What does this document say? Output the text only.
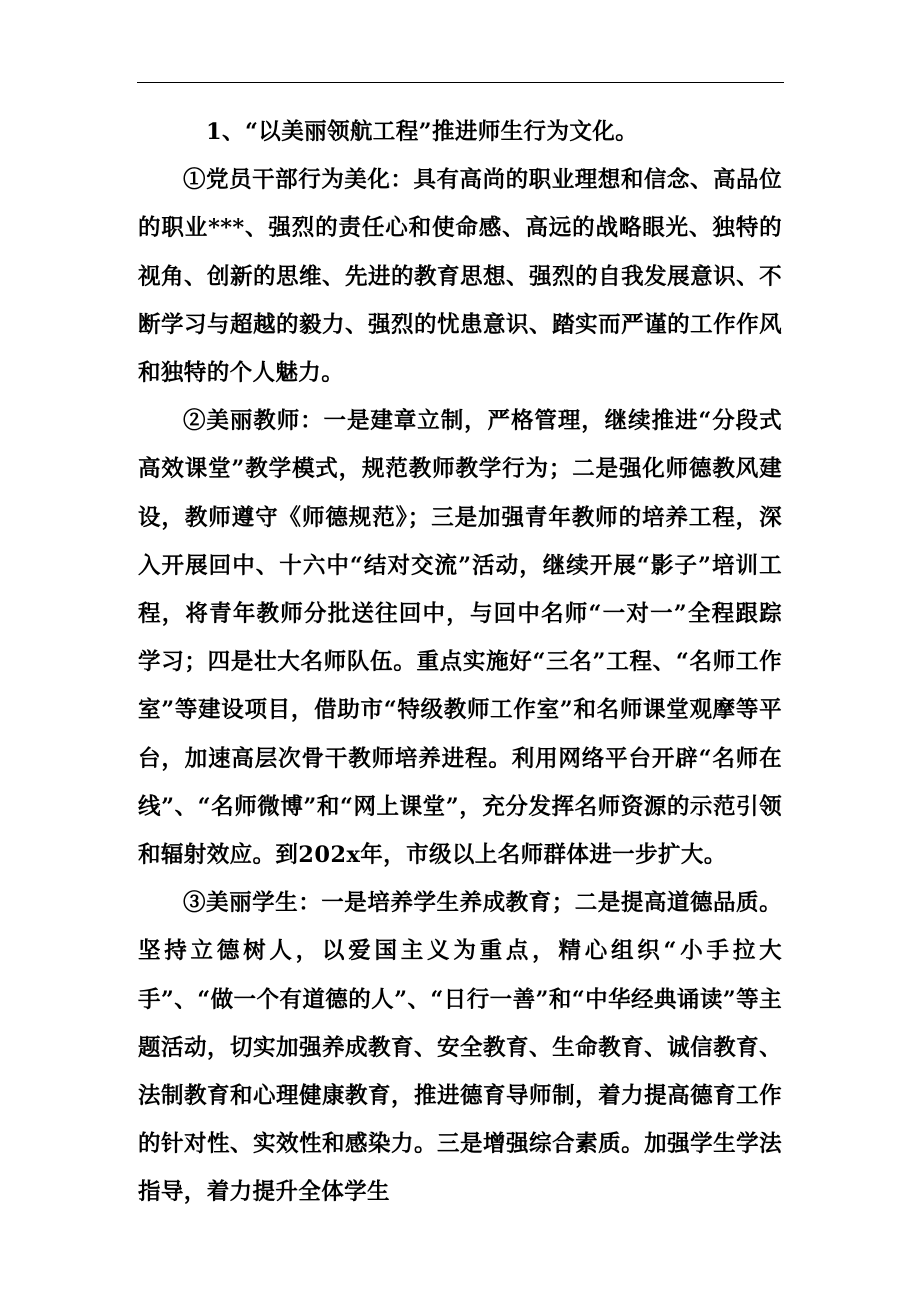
1、“以美丽领航工程”推进师生行为文化。

①党员干部行为美化：具有高尚的职业理想和信念、高品位的职业***、强烈的责任心和使命感、高远的战略眼光、独特的视角、创新的思维、先进的教育思想、强烈的自我发展意识、不断学习与超越的毅力、强烈的忧患意识、踏实而严谨的工作作风和独特的个人魅力。

②美丽教师：一是建章立制，严格管理，继续推进“分段式高效课堂”教学模式，规范教师教学行为；二是强化师德教风建设，教师遵守《师德规范》；三是加强青年教师的培养工程，深入开展回中、十六中“结对交流”活动，继续开展“影子”培训工程，将青年教师分批送往回中，与回中名师“一对一”全程跟踪学习；四是壮大名师队伍。重点实施好“三名”工程、“名师工作室”等建设项目，借助市“特级教师工作室”和名师课堂观摩等平台，加速高层次骨干教师培养进程。利用网络平台开辟“名师在线”、“名师微博”和“网上课堂”，充分发挥名师资源的示范引领和辐射效应。到202x年，市级以上名师群体进一步扩大。

③美丽学生：一是培养学生养成教育；二是提高道德品质。坚持立德树人，以爱国主义为重点，精心组织“小手拉大手”、“做一个有道德的人”、“日行一善”和“中华经典诵读”等主题活动，切实加强养成教育、安全教育、生命教育、诚信教育、法制教育和心理健康教育，推进德育导师制，着力提高德育工作的针对性、实效性和感染力。三是增强综合素质。加强学生学法指导，着力提升全体学生
